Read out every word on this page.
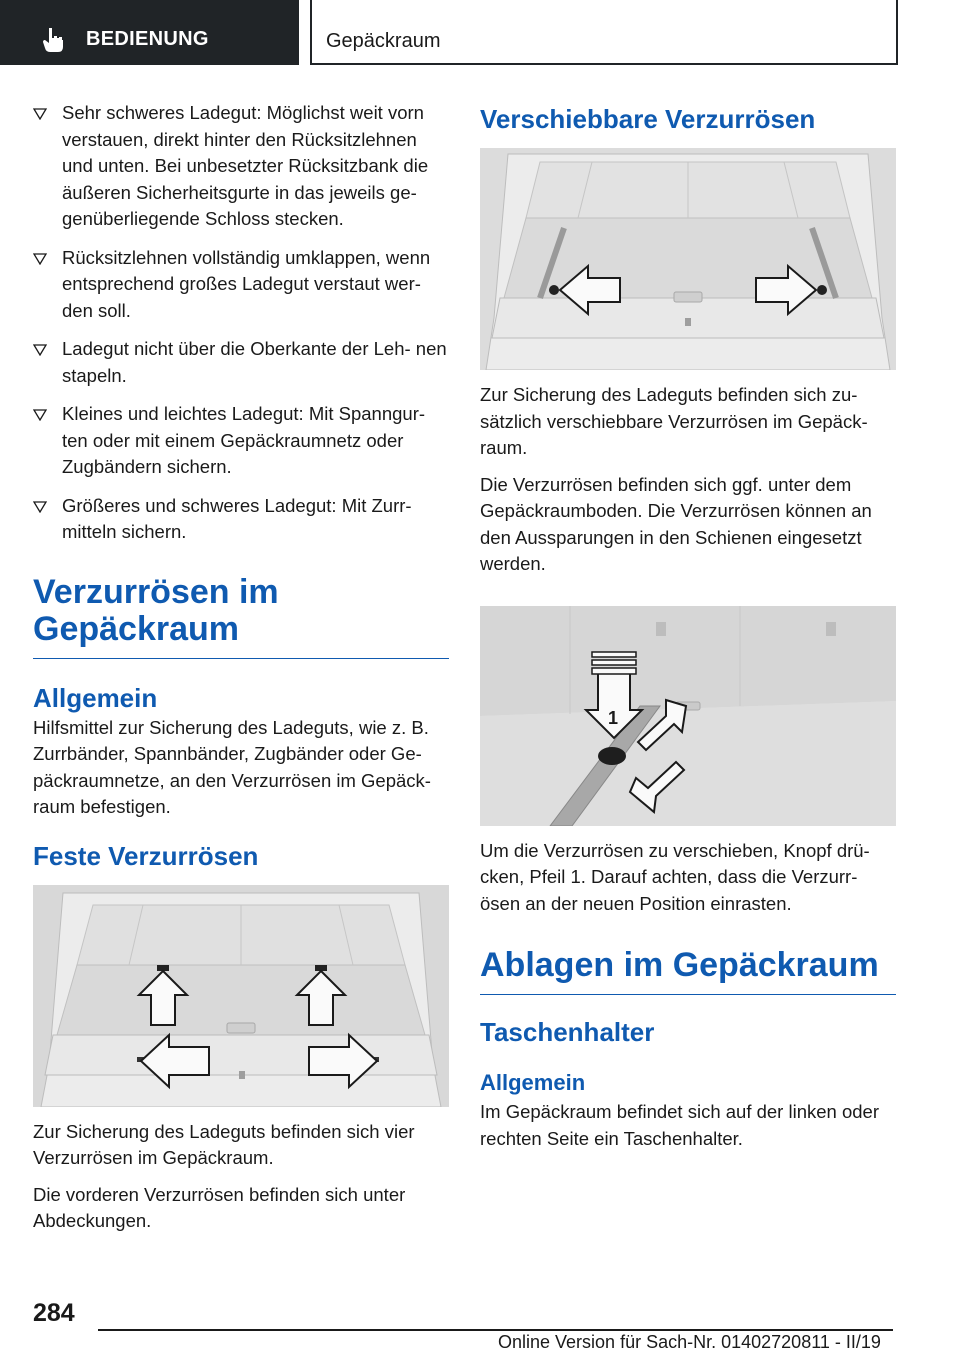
BEDIENUNG	Gepäckraum
Sehr schweres Ladegut: Möglichst weit vorn verstauen, direkt hinter den Rücksitzlehnen und unten. Bei unbesetzter Rücksitzbank die äußeren Sicherheitsgurte in das jeweils ge‐ genüberliegende Schloss stecken.
Rücksitzlehnen vollständig umklappen, wenn entsprechend großes Ladegut verstaut wer‐ den soll.
Ladegut nicht über die Oberkante der Leh‐ nen stapeln.
Kleines und leichtes Ladegut: Mit Spanngur‐ ten oder mit einem Gepäckraumnetz oder Zugbändern sichern.
Größeres und schweres Ladegut: Mit Zurr‐ mitteln sichern.
Verzurrösen im Gepäckraum
Allgemein

Hilfsmittel zur Sicherung des Ladeguts, wie z. B. Zurrbänder, Spannbänder, Zugbänder oder Ge‐ päckraumnetze, an den Verzurrösen im Gepäck‐ raum befestigen.

Feste Verzurrösen

Zur Sicherung des Ladeguts befinden sich vier Verzurrösen im Gepäckraum.

Die vorderen Verzurrösen befinden sich unter Abdeckungen.

Verschiebbare Verzurrösen

Zur Sicherung des Ladeguts befinden sich zu‐ sätzlich verschiebbare Verzurrösen im Gepäck‐ raum.

Die Verzurrösen befinden sich ggf. unter dem Gepäckraumboden. Die Verzurrösen können an den Aussparungen in den Schienen eingesetzt werden.

1

Um die Verzurrösen zu verschieben, Knopf drü‐ cken, Pfeil 1. Darauf achten, dass die Verzurr‐ ösen an der neuen Position einrasten.

Ablagen im Gepäckraum
Taschenhalter
Allgemein

Im Gepäckraum befindet sich auf der linken oder rechten Seite ein Taschenhalter.

284
Online Version für Sach-Nr. 01402720811 - II/19
